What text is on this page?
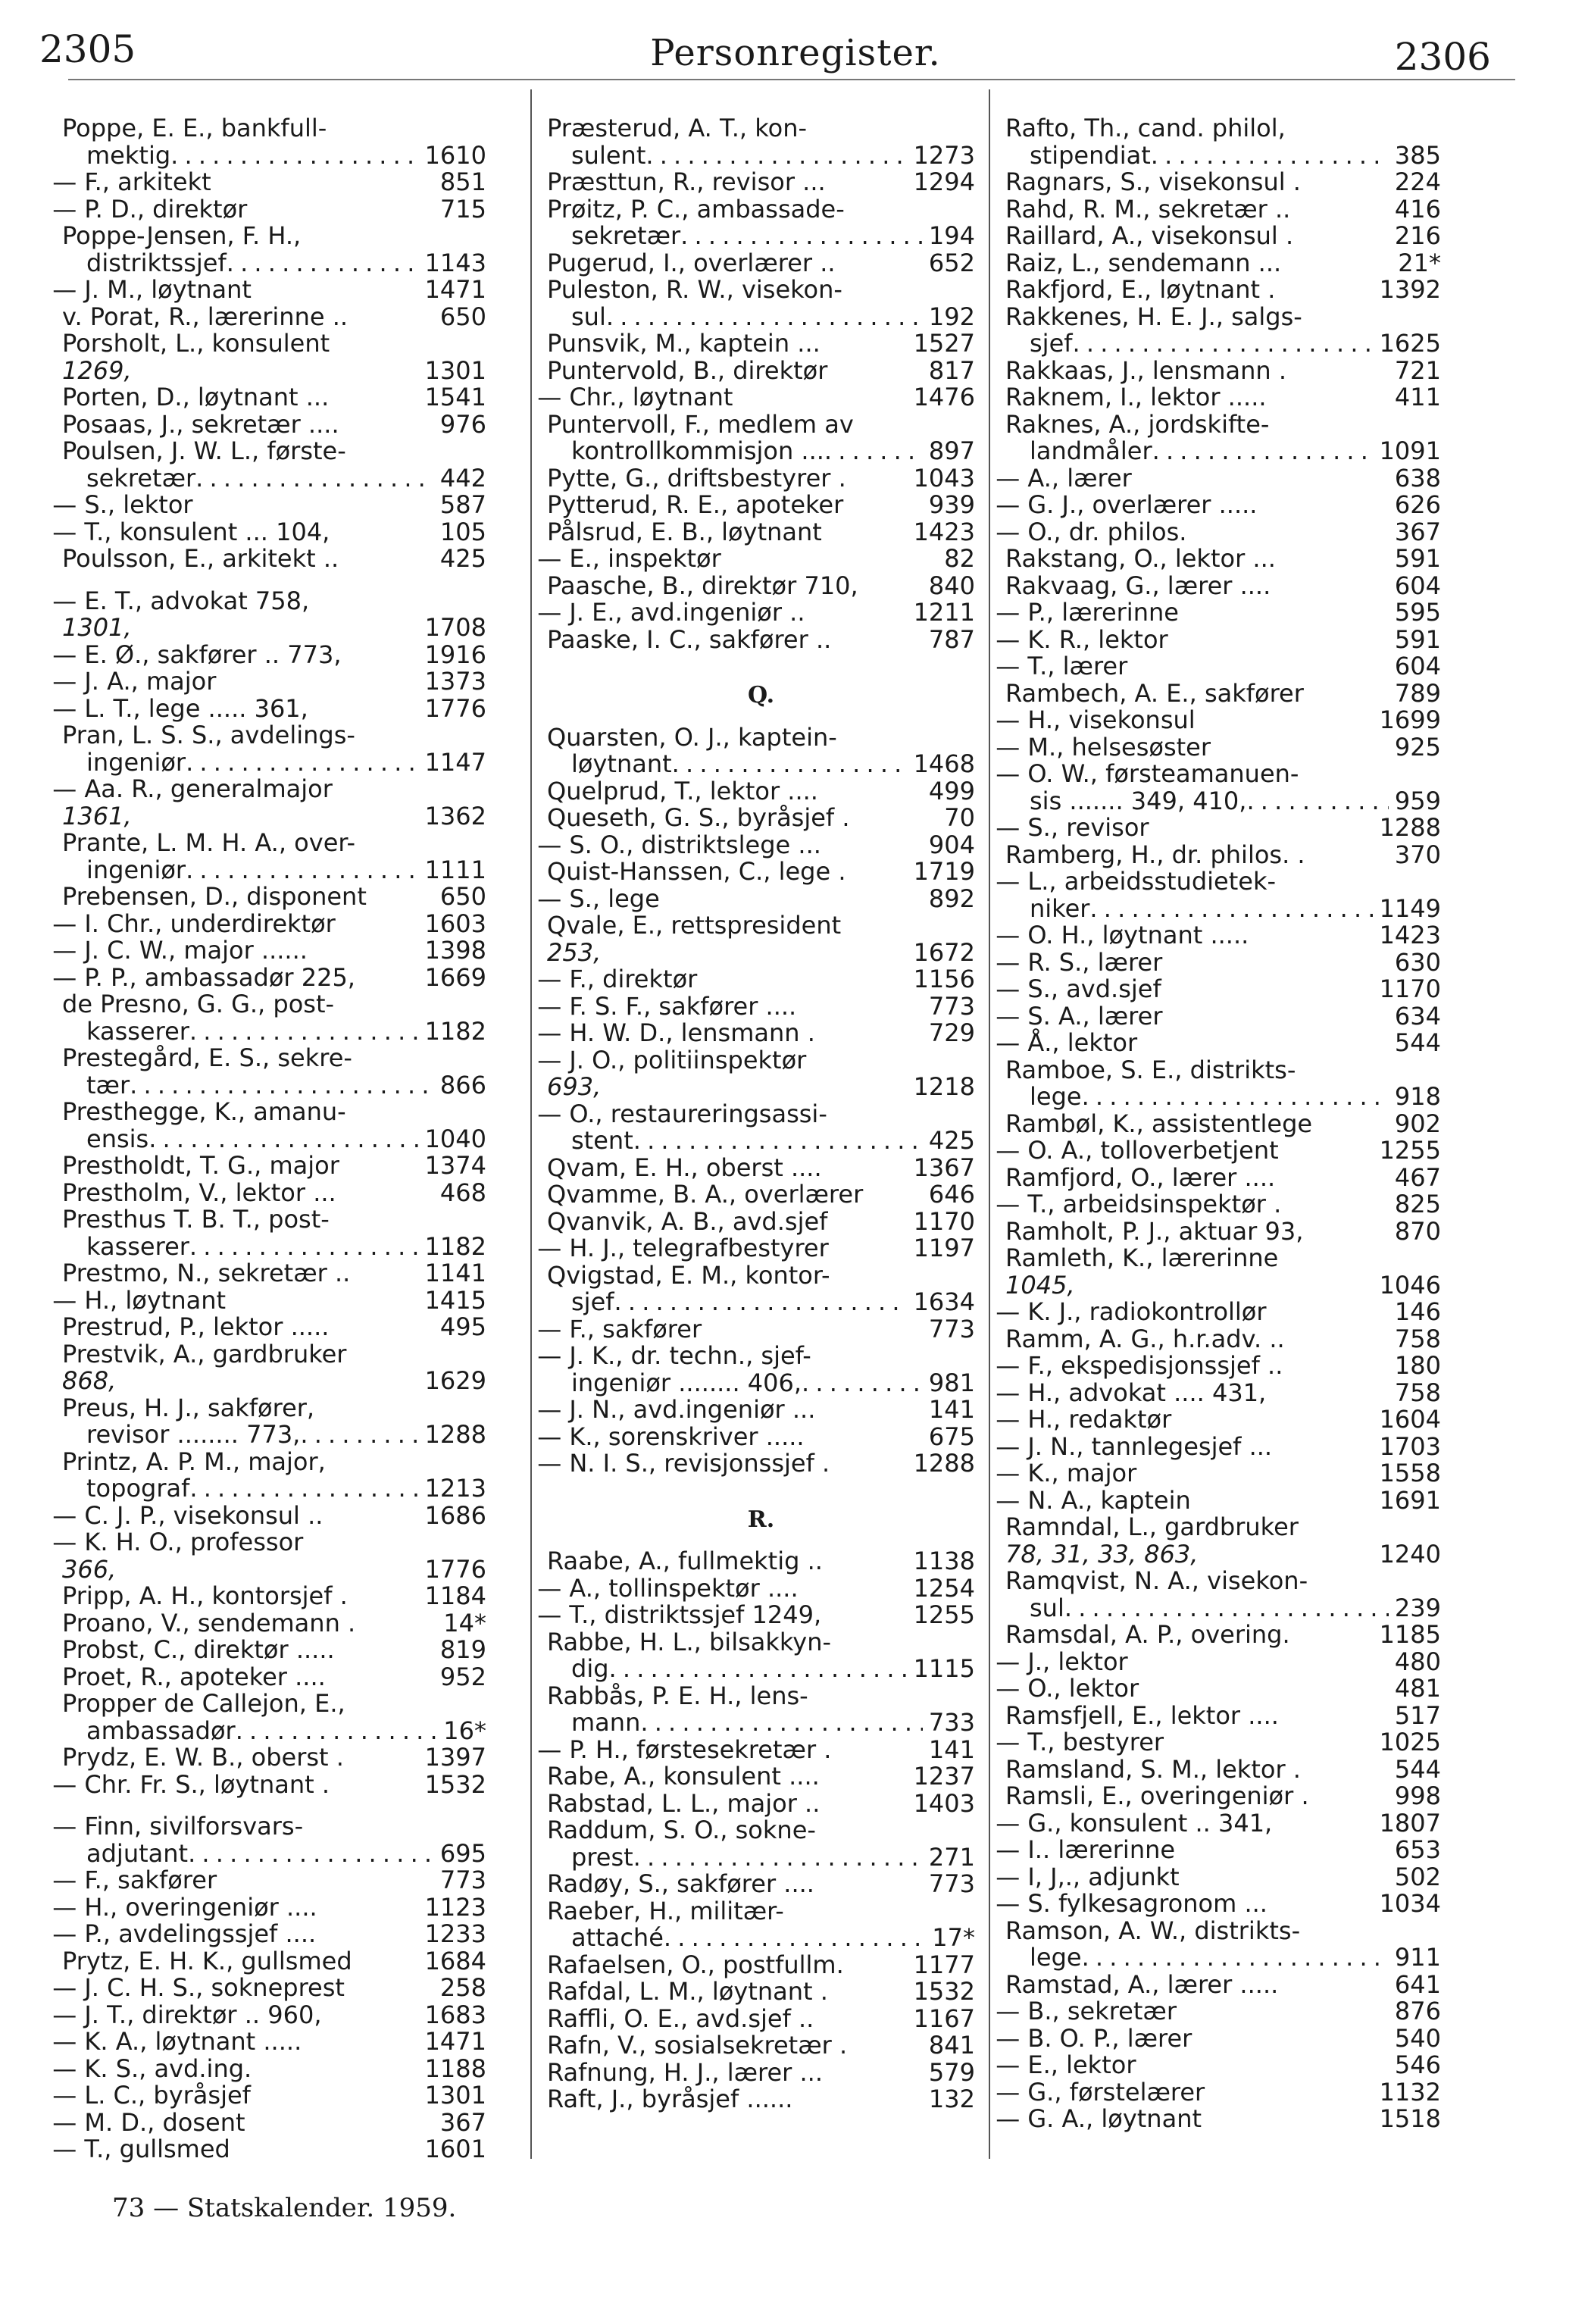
2305	Personregister.	2306
Poppe, E. E., bankfull-
mektig . . .	1610
— F., arkitekt	851
— P. D., direktør	715
Poppe-Jensen, F. H.,
distriktssjef . . .	1143
— J. M., løytnant	1471
v. Porat, R., lærerinne ..	650
Porsholt, L., konsulent
1269,	1301
Porten, D., løytnant ...	1541
Posaas, J., sekretær ....	976
Poulsen, J. W. L., første-
sekretær . . .	442
— S., lektor	587
— T., konsulent ... 104,	105
Poulsson, E., arkitekt ..	425
— E. T., advokat 758,
1301,	1708
— E. Ø., sakfører .. 773,	1916
— J. A., major	1373
— L. T., lege ..... 361,	1776
Pran, L. S. S., avdelings-
ingeniør . . .	1147
— Aa. R., generalmajor
1361,	1362
Prante, L. M. H. A., over-
ingeniør . . .	1111
Prebensen, D., disponent	650
— I. Chr., underdirektør	1603
— J. C. W., major ......	1398
— P. P., ambassadør 225,	1669
de Presno, G. G., post-
kasserer . . .	1182
Prestegård, E. S., sekre-
tær . . .	866
Presthegge, K., amanu-
ensis . . .	1040
Prestholdt, T. G., major	1374
Prestholm, V., lektor ...	468
Presthus T. B. T., post-
kasserer . . .	1182
Prestmo, N., sekretær ..	1141
— H., løytnant	1415
Prestrud, P., lektor .....	495
Prestvik, A., gardbruker
868,	1629
Preus, H. J., sakfører,
revisor ........ 773, . . .	1288
Printz, A. P. M., major,
topograf . . .	1213
— C. J. P., visekonsul ..	1686
— K. H. O., professor
366,	1776
Pripp, A. H., kontorsjef .	1184
Proano, V., sendemann .	14*
Probst, C., direktør .....	819
Proet, R., apoteker ....	952
Propper de Callejon, E.,
ambassadør . . .	16*
Prydz, E. W. B., oberst .	1397
— Chr. Fr. S., løytnant .	1532
— Finn, sivilforsvars-
adjutant . . .	695
— F., sakfører	773
— H., overingeniør ....	1123
— P., avdelingssjef ....	1233
Prytz, E. H. K., gullsmed	1684
— J. C. H. S., sokneprest	258
— J. T., direktør .. 960,	1683
— K. A., løytnant .....	1471
— K. S., avd.ing.	1188
— L. C., byråsjef	1301
— M. D., dosent	367
— T., gullsmed	1601
Præsterud, A. T., kon-
sulent . . .	1273
Præsttun, R., revisor ...	1294
Prøitz, P. C., ambassade-
sekretær . . .	194
Pugerud, I., overlærer ..	652
Puleston, R. W., visekon-
sul . . .	192
Punsvik, M., kaptein ...	1527
Puntervold, B., direktør	817
— Chr., løytnant	1476
Puntervoll, F., medlem av
kontrollkommisjon ... . . .	897
Pytte, G., driftsbestyrer .	1043
Pytterud, R. E., apoteker	939
Pålsrud, E. B., løytnant	1423
— E., inspektør	82
Paasche, B., direktør 710,	840
— J. E., avd.ingeniør ..	1211
Paaske, I. C., sakfører ..	787
Q.
Quarsten, O. J., kaptein-
løytnant . . .	1468
Quelprud, T., lektor ....	499
Queseth, G. S., byråsjef .	70
— S. O., distriktslege ...	904
Quist-Hanssen, C., lege .	1719
— S., lege	892
Qvale, E., rettspresident
253,	1672
— F., direktør	1156
— F. S. F., sakfører ....	773
— H. W. D., lensmann .	729
— J. O., politiinspektør
693,	1218
— O., restaureringsassi-
stent . . .	425
Qvam, E. H., oberst ....	1367
Qvamme, B. A., overlærer	646
Qvanvik, A. B., avd.sjef	1170
— H. J., telegrafbestyrer	1197
Qvigstad, E. M., kontor-
sjef . . .	1634
— F., sakfører	773
— J. K., dr. techn., sjef-
ingeniør ........ 406, . . .	981
— J. N., avd.ingeniør ...	141
— K., sorenskriver .....	675
— N. I. S., revisjonssjef .	1288
R.
Raabe, A., fullmektig ..	1138
— A., tollinspektør ....	1254
— T., distriktssjef 1249,	1255
Rabbe, H. L., bilsakkyn-
dig . . .	1115
Rabbås, P. E. H., lens-
mann . . .	733
— P. H., førstesekretær .	141
Rabe, A., konsulent ....	1237
Rabstad, L. L., major ..	1403
Raddum, S. O., sokne-
prest . . .	271
Radøy, S., sakfører ....	773
Raeber, H., militær-
attaché . . .	17*
Rafaelsen, O., postfullm.	1177
Rafdal, L. M., løytnant .	1532
Raffli, O. E., avd.sjef ..	1167
Rafn, V., sosialsekretær .	841
Rafnung, H. J., lærer ...	579
Raft, J., byråsjef ......	132
Rafto, Th., cand. philol,
stipendiat . . .	385
Ragnars, S., visekonsul .	224
Rahd, R. M., sekretær ..	416
Raillard, A., visekonsul .	216
Raiz, L., sendemann ...	21*
Rakfjord, E., løytnant .	1392
Rakkenes, H. E. J., salgs-
sjef . . .	1625
Rakkaas, J., lensmann .	721
Raknem, I., lektor .....	411
Raknes, A., jordskifte-
landmåler . . .	1091
— A., lærer	638
— G. J., overlærer .....	626
— O., dr. philos.	367
Rakstang, O., lektor ...	591
Rakvaag, G., lærer ....	604
— P., lærerinne	595
— K. R., lektor	591
— T., lærer	604
Rambech, A. E., sakfører	789
— H., visekonsul	1699
— M., helsesøster	925
— O. W., førsteamanuen-
sis ....... 349, 410, . . .	959
— S., revisor	1288
Ramberg, H., dr. philos. .	370
— L., arbeidsstudietek-
niker . . .	1149
— O. H., løytnant .....	1423
— R. S., lærer	630
— S., avd.sjef	1170
— S. A., lærer	634
— Å., lektor	544
Ramboe, S. E., distrikts-
lege . . .	918
Rambøl, K., assistentlege	902
— O. A., tolloverbetjent	1255
Ramfjord, O., lærer ....	467
— T., arbeidsinspektør .	825
Ramholt, P. J., aktuar 93,	870
Ramleth, K., lærerinne
1045,	1046
— K. J., radiokontrollør	146
Ramm, A. G., h.r.adv. ..	758
— F., ekspedisjonssjef ..	180
— H., advokat .... 431,	758
— H., redaktør	1604
— J. N., tannlegesjef ...	1703
— K., major	1558
— N. A., kaptein	1691
Ramndal, L., gardbruker
78, 31, 33, 863,	1240
Ramqvist, N. A., visekon-
sul . . .	239
Ramsdal, A. P., overing.	1185
— J., lektor	480
— O., lektor	481
Ramsfjell, E., lektor ....	517
— T., bestyrer	1025
Ramsland, S. M., lektor .	544
Ramsli, E., overingeniør .	998
— G., konsulent .. 341,	1807
— I.. lærerinne	653
— I, J,., adjunkt	502
— S. fylkesagronom ...	1034
Ramson, A. W., distrikts-
lege . . .	911
Ramstad, A., lærer .....	641
— B., sekretær	876
— B. O. P., lærer	540
— E., lektor	546
— G., førstelærer	1132
— G. A., løytnant	1518
73 — Statskalender. 1959.
